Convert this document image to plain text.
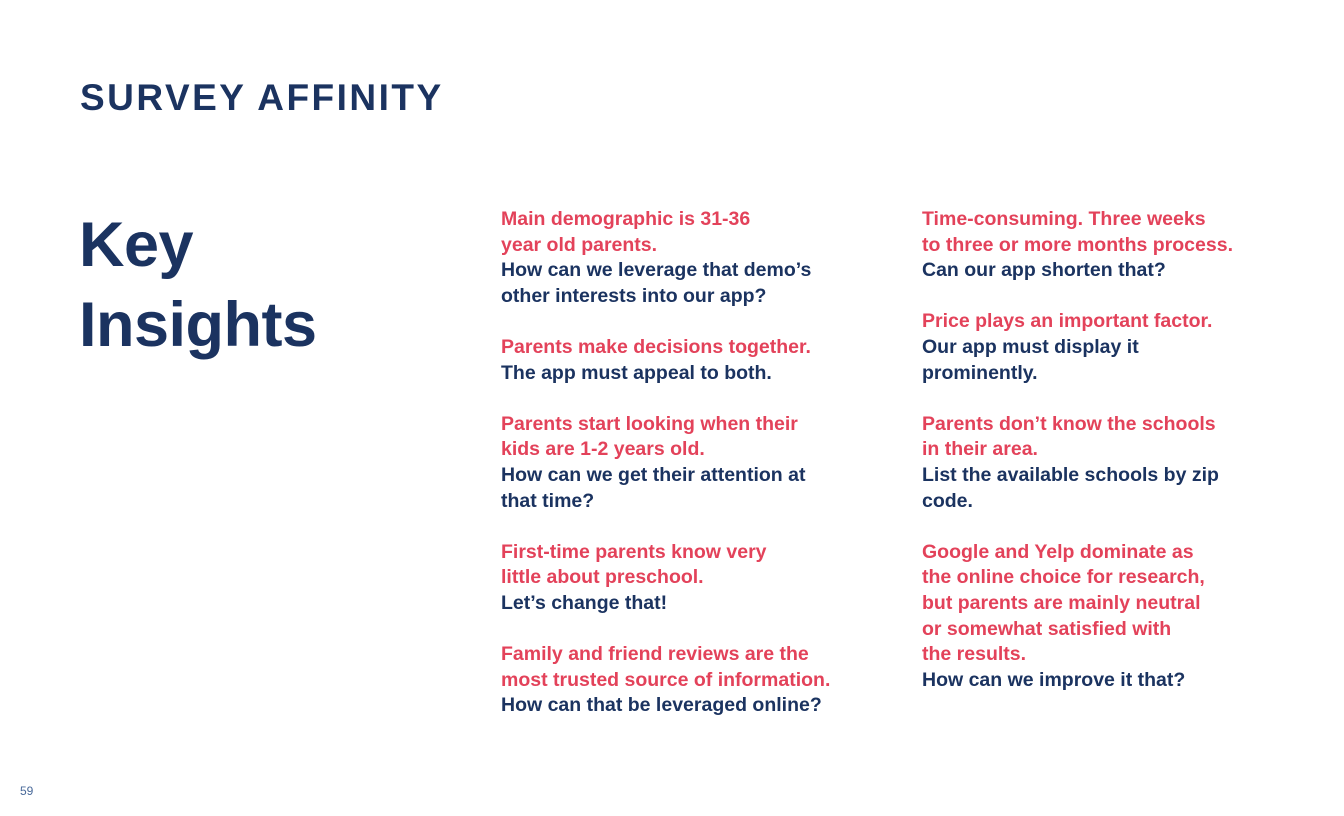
SURVEY AFFINITY
Key
Insights

Main demographic is 31-36
year old parents.

How can we leverage that demo’s
other interests into our app?

Parents make decisions together.

The app must appeal to both.

Parents start looking when their
kids are 1-2 years old.

How can we get their attention at
that time?

First-time parents know very
little about preschool.

Let’s change that!

Family and friend reviews are the
most trusted source of information.

How can that be leveraged online?

Time-consuming. Three weeks
to three or more months process.

Can our app shorten that?

Price plays an important factor.

Our app must display it
prominently.

Parents don’t know the schools
in their area.

List the available schools by zip
code.

Google and Yelp dominate as
the online choice for research,
but parents are mainly neutral
or somewhat satisfied with
the results.

How can we improve it that?

59
